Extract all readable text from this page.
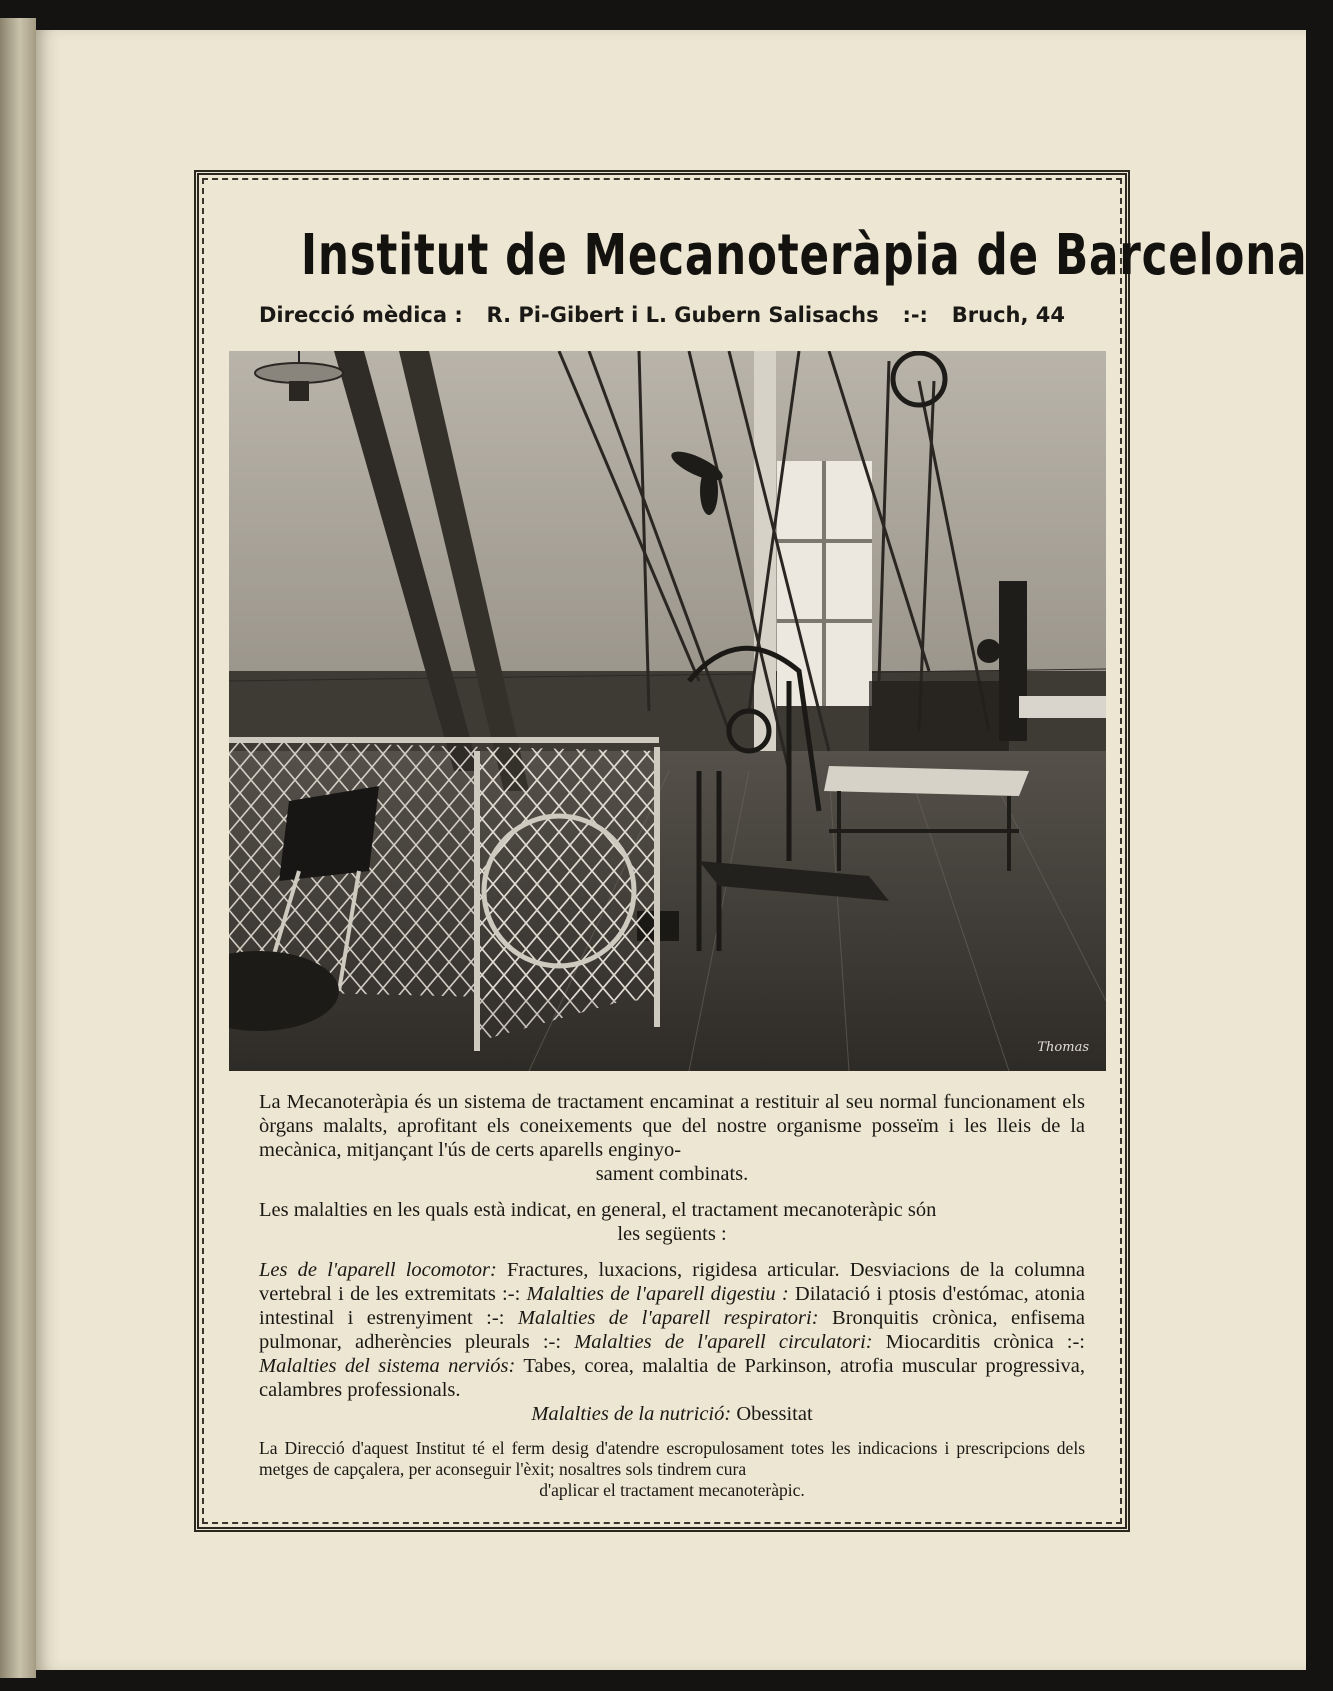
Institut de Mecanoteràpia de Barcelona
Direcció mèdica : R. Pi-Gibert i L. Gubern Salisachs :-: Bruch, 44
Thomas

La Mecanoteràpia és un sistema de tractament encaminat a restituir al seu normal funcionament els òrgans malalts, aprofitant els coneixements que del nostre organisme posseïm i les lleis de la mecànica, mitjançant l'ús de certs aparells enginyo-
sament combinats.

Les malalties en les quals està indicat, en general, el tractament mecanoteràpic són
les següents :

Les de l'aparell locomotor: Fractures, luxacions, rigidesa articular. Desviacions de la columna vertebral i de les extremitats :-: Malalties de l'aparell digestiu : Dilatació i ptosis d'estómac, atonia intestinal i estrenyiment :-: Malalties de l'aparell respiratori: Bronquitis crònica, enfisema pulmonar, adherències pleurals :-: Malalties de l'aparell circulatori: Miocarditis crònica :-: Malalties del sistema nerviós: Tabes, corea, malaltia de Parkinson, atrofia muscular progressiva, calambres professionals.
Malalties de la nutrició: Obessitat

La Direcció d'aquest Institut té el ferm desig d'atendre escropulosament totes les indicacions i prescripcions dels metges de capçalera, per aconseguir l'èxit; nosaltres sols tindrem cura
d'aplicar el tractament mecanoteràpic.
